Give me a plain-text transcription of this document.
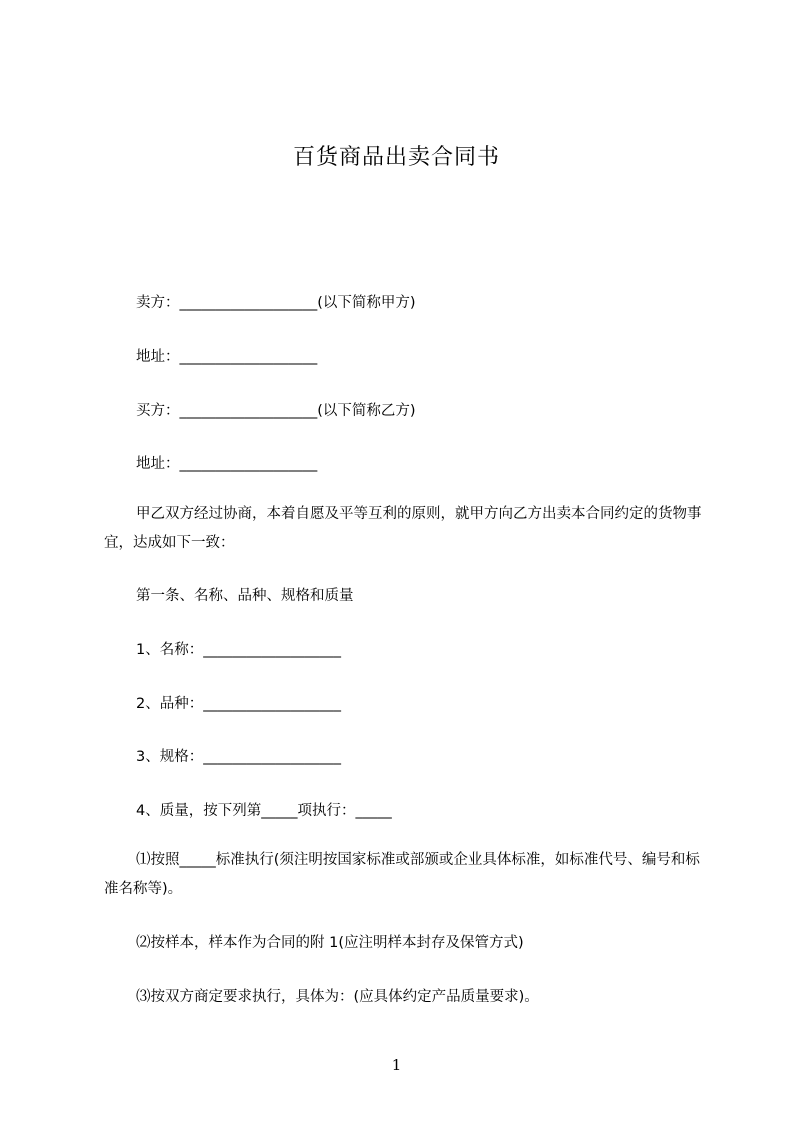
百货商品出卖合同书
卖方：___________________(以下简称甲方)
地址：___________________
买方：___________________(以下简称乙方)
地址：___________________
甲乙双方经过协商，本着自愿及平等互利的原则，就甲方向乙方出卖本合同约定的货物事宜，达成如下一致：
第一条、名称、品种、规格和质量
1、名称：___________________
2、品种：___________________
3、规格：___________________
4、质量，按下列第_____项执行：_____
⑴按照_____标准执行(须注明按国家标准或部颁或企业具体标准，如标准代号、编号和标准名称等)。
⑵按样本，样本作为合同的附 1(应注明样本封存及保管方式)
⑶按双方商定要求执行，具体为：(应具体约定产品质量要求)。
1
